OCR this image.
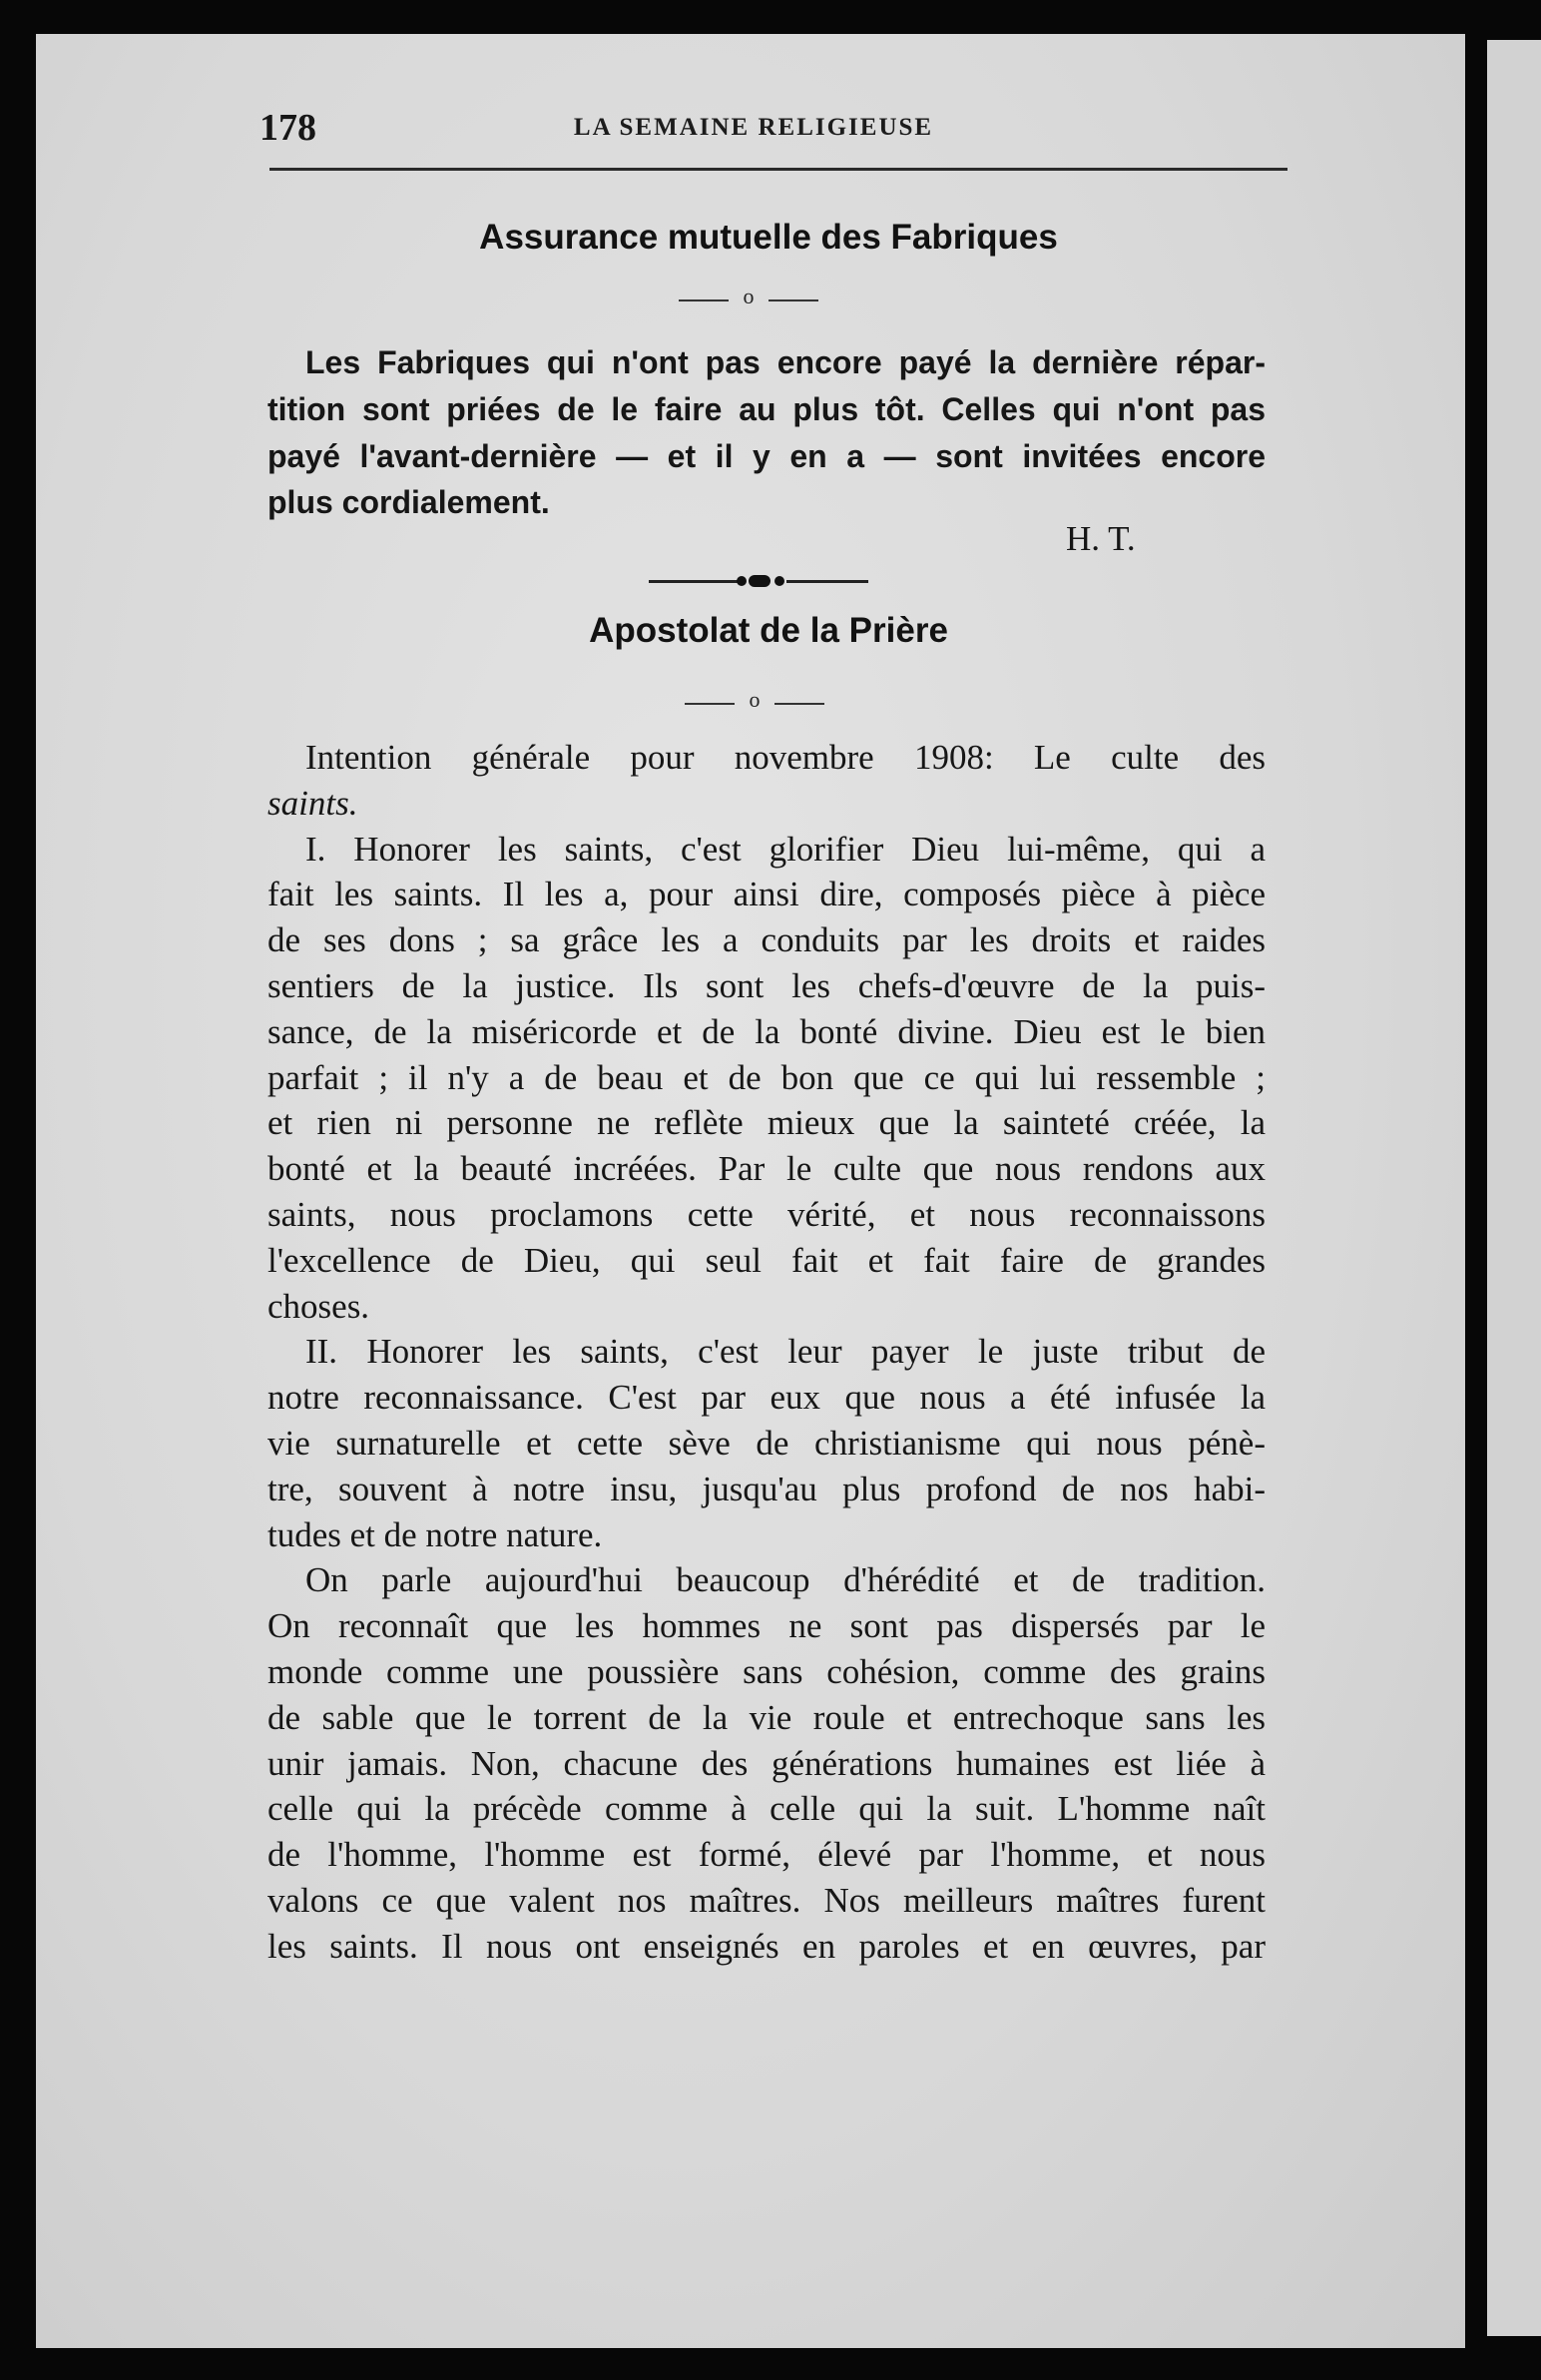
178	LA SEMAINE RELIGIEUSE
Assurance mutuelle des Fabriques
o
Les Fabriques qui n'ont pas encore payé la dernière répar-
tition sont priées de le faire au plus tôt. Celles qui n'ont pas
payé l'avant-dernière — et il y en a — sont invitées encore
plus cordialement.
H. T.
Apostolat de la Prière
o
Intention générale pour novembre 1908: Le culte des
saints.
I. Honorer les saints, c'est glorifier Dieu lui-même, qui a
fait les saints. Il les a, pour ainsi dire, composés pièce à pièce
de ses dons ; sa grâce les a conduits par les droits et raides
sentiers de la justice. Ils sont les chefs-d'œuvre de la puis-
sance, de la miséricorde et de la bonté divine. Dieu est le bien
parfait ; il n'y a de beau et de bon que ce qui lui ressemble ;
et rien ni personne ne reflète mieux que la sainteté créée, la
bonté et la beauté incréées. Par le culte que nous rendons aux
saints, nous proclamons cette vérité, et nous reconnaissons
l'excellence de Dieu, qui seul fait et fait faire de grandes
choses.
II. Honorer les saints, c'est leur payer le juste tribut de
notre reconnaissance. C'est par eux que nous a été infusée la
vie surnaturelle et cette sève de christianisme qui nous pénè-
tre, souvent à notre insu, jusqu'au plus profond de nos habi-
tudes et de notre nature.
On parle aujourd'hui beaucoup d'hérédité et de tradition.
On reconnaît que les hommes ne sont pas dispersés par le
monde comme une poussière sans cohésion, comme des grains
de sable que le torrent de la vie roule et entrechoque sans les
unir jamais. Non, chacune des générations humaines est liée à
celle qui la précède comme à celle qui la suit. L'homme naît
de l'homme, l'homme est formé, élevé par l'homme, et nous
valons ce que valent nos maîtres. Nos meilleurs maîtres furent
les saints. Il nous ont enseignés en paroles et en œuvres, par
